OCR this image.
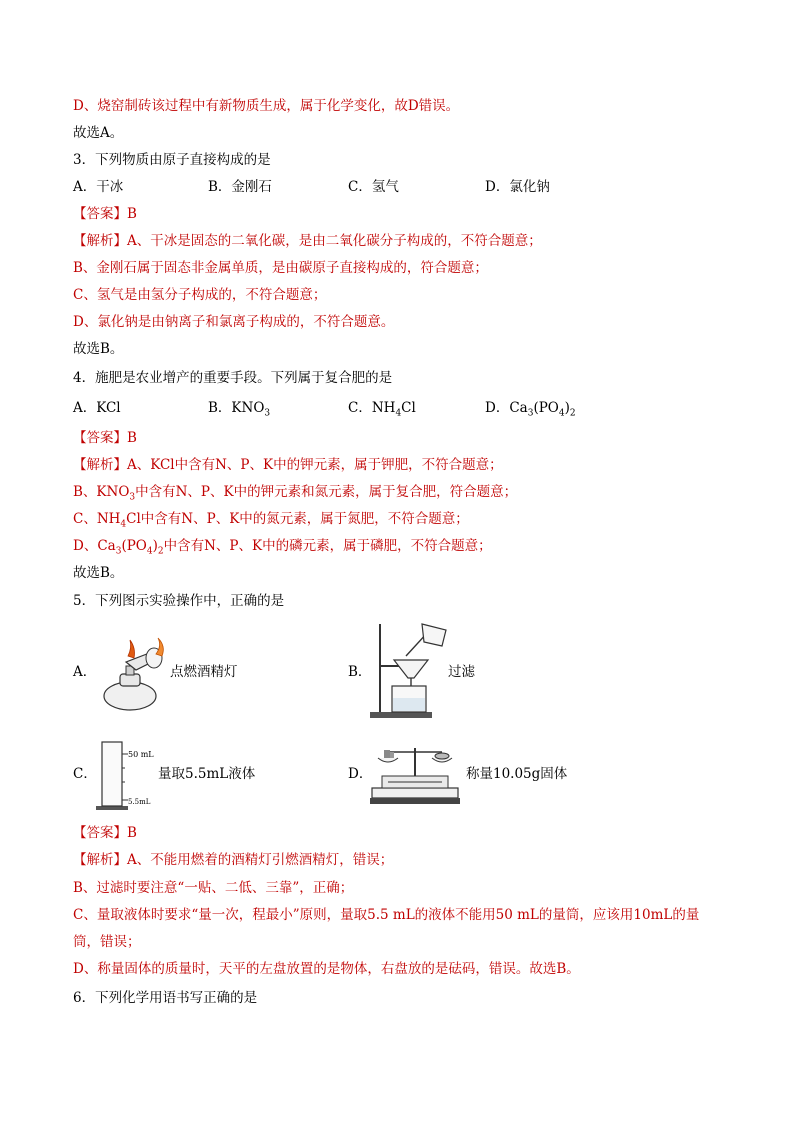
D、烧窑制砖该过程中有新物质生成，属于化学变化，故D错误。
故选A。
3．下列物质由原子直接构成的是
A．干冰	B．金刚石	C．氢气	D．氯化钠
【答案】B
【解析】A、干冰是固态的二氧化碳，是由二氧化碳分子构成的，不符合题意；
B、金刚石属于固态非金属单质，是由碳原子直接构成的，符合题意；
C、氢气是由氢分子构成的，不符合题意；
D、氯化钠是由钠离子和氯离子构成的，不符合题意。
故选B。
4．施肥是农业增产的重要手段。下列属于复合肥的是
A．KCl	B．$KNO_3$	C．$NH_4Cl$	D．$Ca_3(PO_4)_2$
【答案】B
【解析】A、KCl中含有N、P、K中的钾元素，属于钾肥，不符合题意；
B、$KNO_3$中含有N、P、K中的钾元素和氮元素，属于复合肥，符合题意；
C、$NH_4Cl$中含有N、P、K中的氮元素，属于氮肥，不符合题意；
D、$Ca_3(PO_4)_2$中含有N、P、K中的磷元素，属于磷肥，不符合题意；
故选B。
5．下列图示实验操作中，正确的是
A．	点燃酒精灯	B．	过滤
C．
50 mL
5.5mL
量取5.5mL液体	D．	称量10.05g固体
【答案】B
【解析】A、不能用燃着的酒精灯引燃酒精灯，错误；
B、过滤时要注意“一贴、二低、三靠”，正确；
C、量取液体时要求“量一次，程最小”原则，量取5.5 mL的液体不能用50 mL的量筒，应该用10mL的量
筒，错误；
D、称量固体的质量时，天平的左盘放置的是物体，右盘放的是砝码，错误。故选B。
6．下列化学用语书写正确的是
